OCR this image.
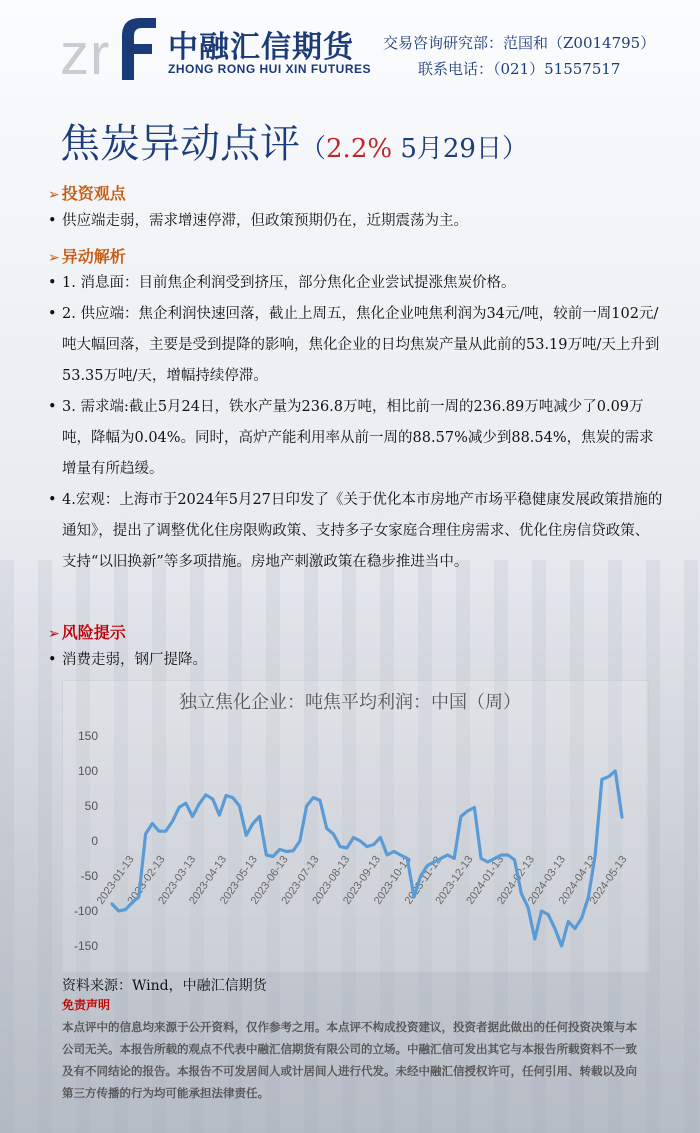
z r 中融汇信期货
ZHONG RONG HUI XIN FUTURES
交易咨询研究部：范国和（Z0014795）
联系电话：（021）51557517
焦炭异动点评（2.2% 5月29日）
➢ 投资观点
• 供应端走弱，需求增速停滞，但政策预期仍在，近期震荡为主。
➢ 异动解析
• 1. 消息面：目前焦企利润受到挤压，部分焦化企业尝试提涨焦炭价格。
• 2. 供应端：焦企利润快速回落，截止上周五，焦化企业吨焦利润为34元/吨，较前一周102元/吨大幅回落，主要是受到提降的影响，焦化企业的日均焦炭产量从此前的53.19万吨/天上升到53.35万吨/天，增幅持续停滞。
• 3. 需求端:截止5月24日，铁水产量为236.8万吨，相比前一周的236.89万吨减少了0.09万吨，降幅为0.04%。同时，高炉产能利用率从前一周的88.57%减少到88.54%，焦炭的需求增量有所趋缓。
• 4.宏观：上海市于2024年5月27日印发了《关于优化本市房地产市场平稳健康发展政策措施的通知》，提出了调整优化住房限购政策、支持多子女家庭合理住房需求、优化住房信贷政策、支持“以旧换新”等多项措施。房地产刺激政策在稳步推进当中。
➢ 风险提示
• 消费走弱，钢厂提降。
独立焦化企业：吨焦平均利润：中国（周）
150
100
50
0
-50
-100
-150
2023-01-13
2023-02-13
2023-03-13
2023-04-13
2023-05-13
2023-06-13
2023-07-13
2023-08-13
2023-09-13
2023-10-13
2023-11-13
2023-12-13
2024-01-13
2024-02-13
2024-03-13
2024-04-13
2024-05-13
资料来源：Wind，中融汇信期货
免责声明
本点评中的信息均来源于公开资料，仅作参考之用。本点评不构成投资建议，投资者据此做出的任何投资决策与本公司无关。本报告所载的观点不代表中融汇信期货有限公司的立场。中融汇信可发出其它与本报告所载资料不一致及有不同结论的报告。本报告不可发居间人或计居间人进行代发。未经中融汇信授权许可，任何引用、转载以及向第三方传播的行为均可能承担法律责任。
